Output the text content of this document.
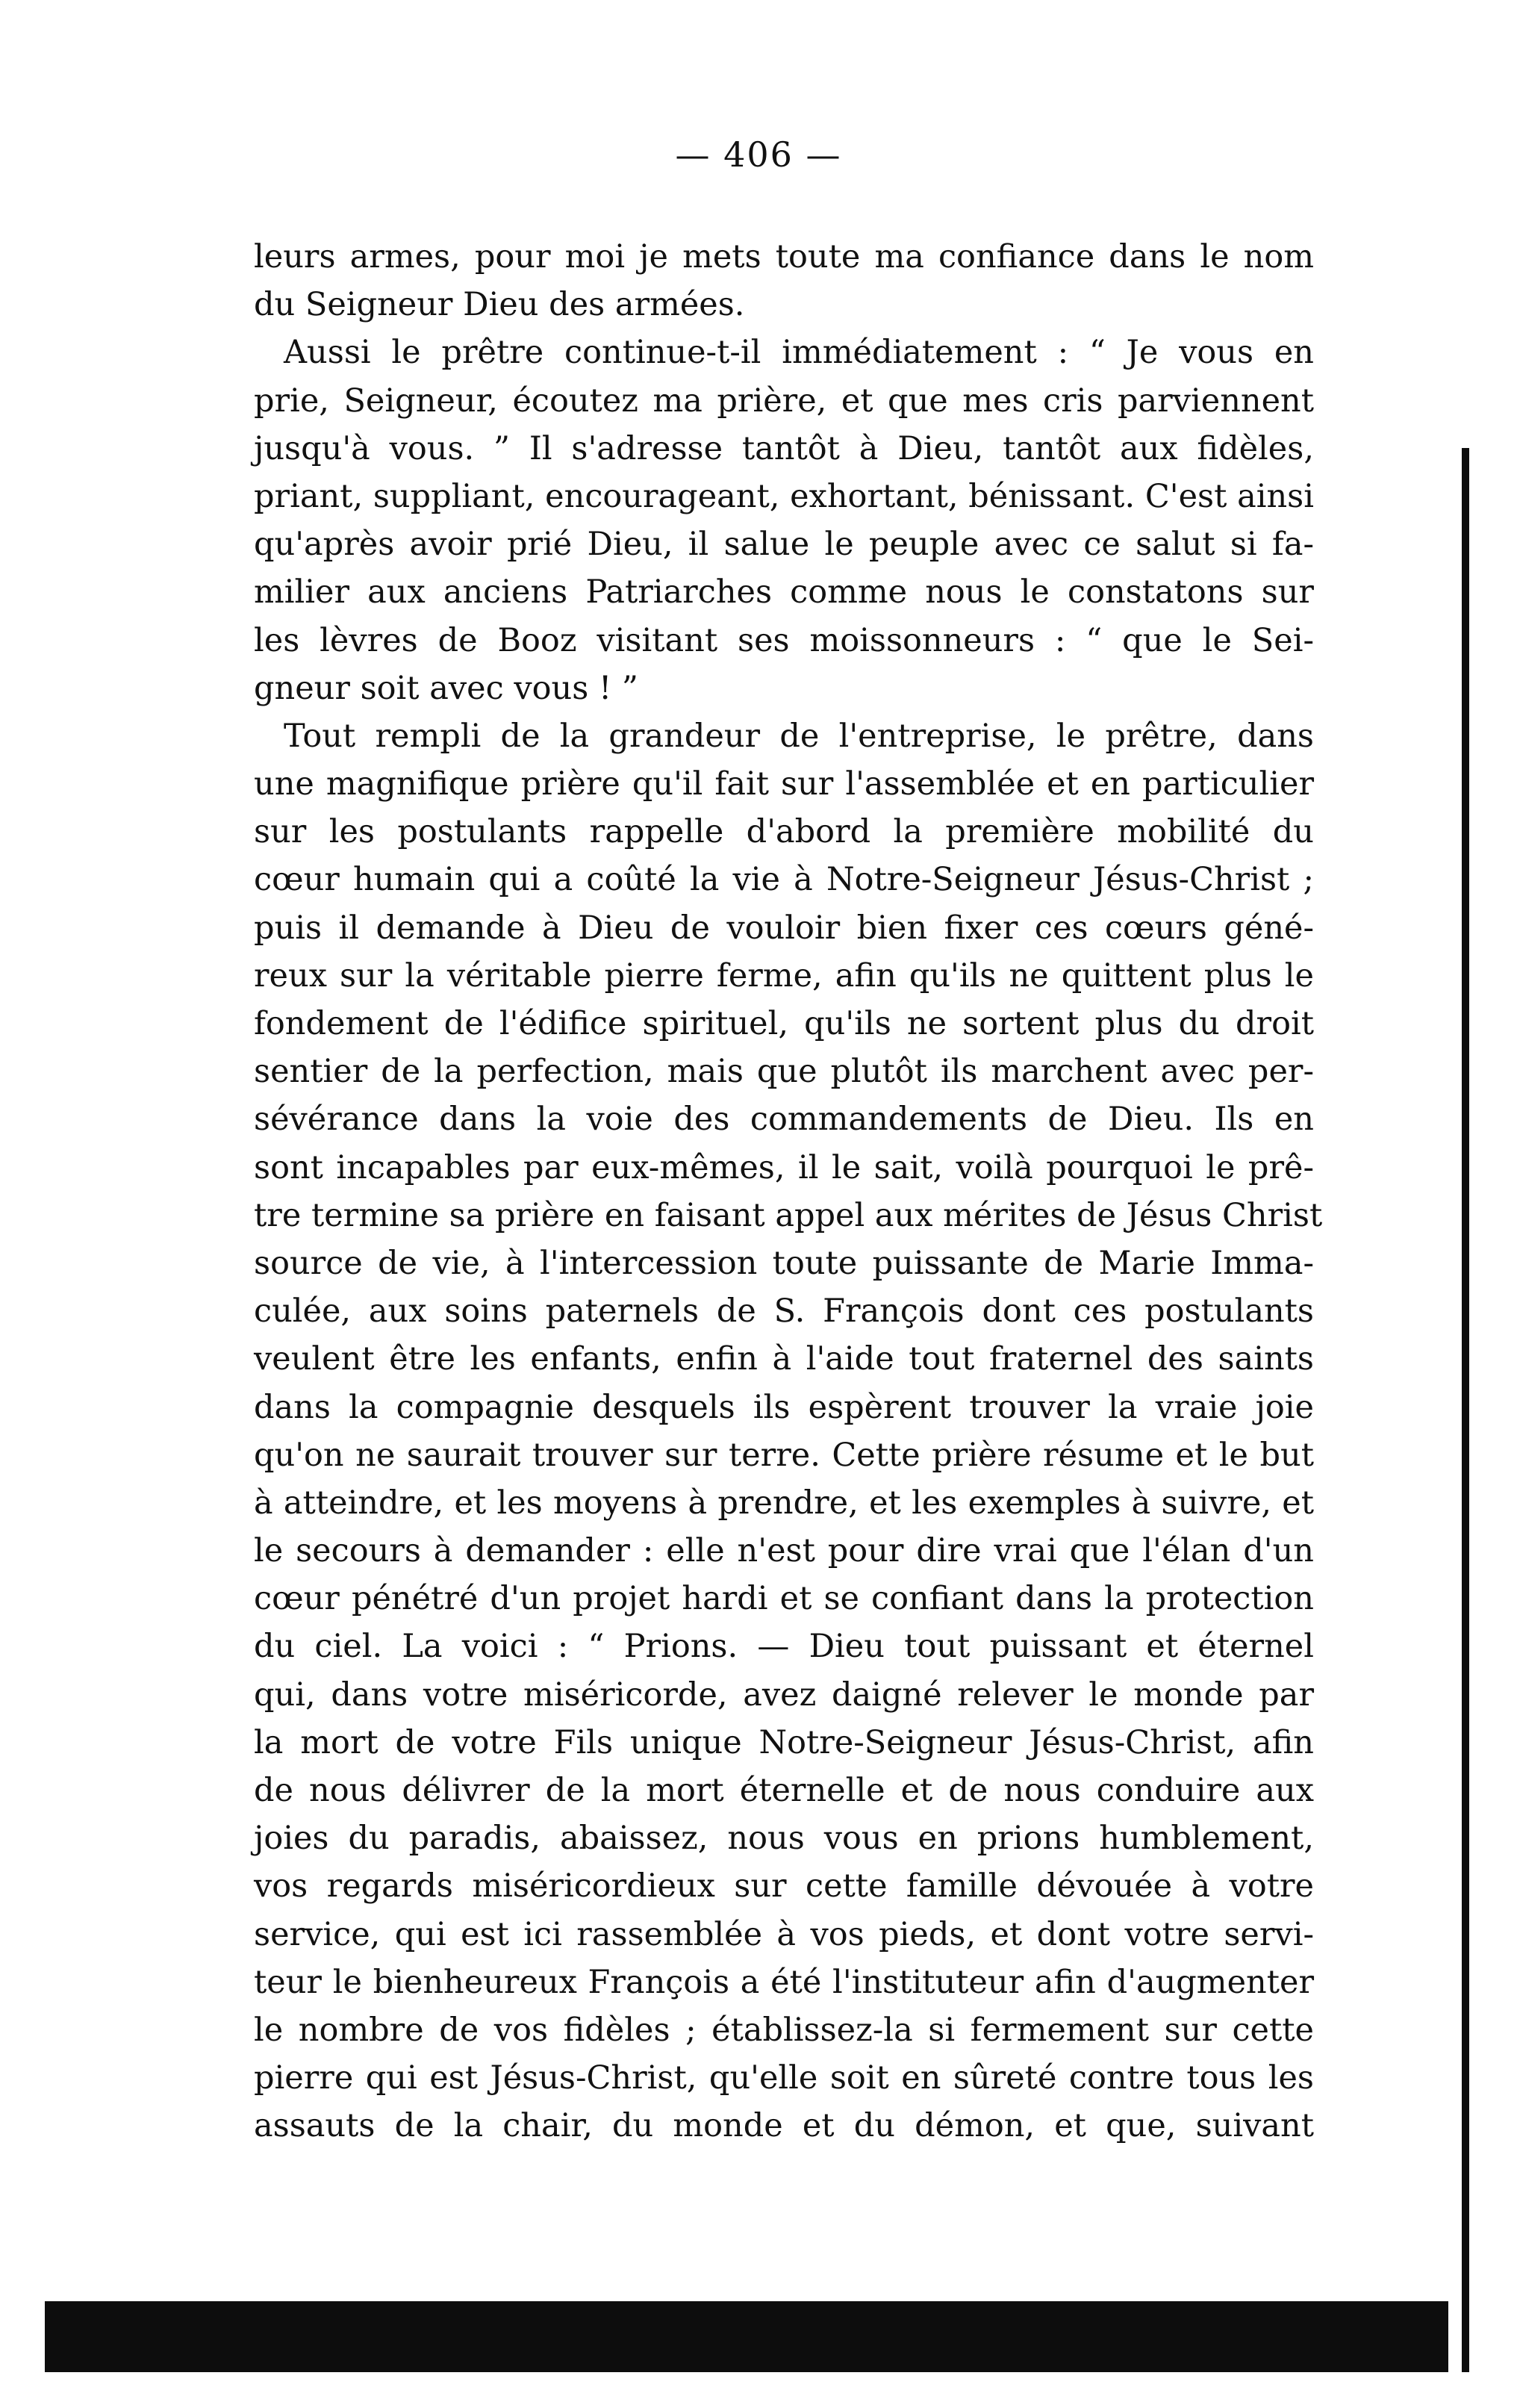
— 406 —
leurs armes, pour moi je mets toute ma confiance dans le nom
du Seigneur Dieu des armées.
Aussi le prêtre continue-t-il immédiatement : “ Je vous en
prie, Seigneur, écoutez ma prière, et que mes cris parviennent
jusqu'à vous. ” Il s'adresse tantôt à Dieu, tantôt aux fidèles,
priant, suppliant, encourageant, exhortant, bénissant. C'est ainsi
qu'après avoir prié Dieu, il salue le peuple avec ce salut si fa-
milier aux anciens Patriarches comme nous le constatons sur
les lèvres de Booz visitant ses moissonneurs : “ que le Sei-
gneur soit avec vous ! ”
Tout rempli de la grandeur de l'entreprise, le prêtre, dans
une magnifique prière qu'il fait sur l'assemblée et en particulier
sur les postulants rappelle d'abord la première mobilité du
cœur humain qui a coûté la vie à Notre-Seigneur Jésus-Christ ;
puis il demande à Dieu de vouloir bien fixer ces cœurs géné-
reux sur la véritable pierre ferme, afin qu'ils ne quittent plus le
fondement de l'édifice spirituel, qu'ils ne sortent plus du droit
sentier de la perfection, mais que plutôt ils marchent avec per-
sévérance dans la voie des commandements de Dieu. Ils en
sont incapables par eux-mêmes, il le sait, voilà pourquoi le prê-
tre termine sa prière en faisant appel aux mérites de Jésus Christ
source de vie, à l'intercession toute puissante de Marie Imma-
culée, aux soins paternels de S. François dont ces postulants
veulent être les enfants, enfin à l'aide tout fraternel des saints
dans la compagnie desquels ils espèrent trouver la vraie joie
qu'on ne saurait trouver sur terre. Cette prière résume et le but
à atteindre, et les moyens à prendre, et les exemples à suivre, et
le secours à demander : elle n'est pour dire vrai que l'élan d'un
cœur pénétré d'un projet hardi et se confiant dans la protection
du ciel. La voici : “ Prions. — Dieu tout puissant et éternel
qui, dans votre miséricorde, avez daigné relever le monde par
la mort de votre Fils unique Notre-Seigneur Jésus-Christ, afin
de nous délivrer de la mort éternelle et de nous conduire aux
joies du paradis, abaissez, nous vous en prions humblement,
vos regards miséricordieux sur cette famille dévouée à votre
service, qui est ici rassemblée à vos pieds, et dont votre servi-
teur le bienheureux François a été l'instituteur afin d'augmenter
le nombre de vos fidèles ; établissez-la si fermement sur cette
pierre qui est Jésus-Christ, qu'elle soit en sûreté contre tous les
assauts de la chair, du monde et du démon, et que, suivant
